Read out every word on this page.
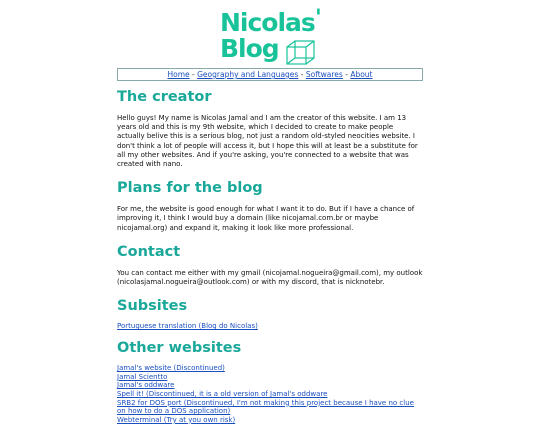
Nicolas '
Blog
Home - Geography and Languages - Softwares - About
The creator

Hello guys! My name is Nicolas Jamal and I am the creator of this website. I am 13 years old and this is my 9th website, which I decided to create to make people actually belive this is a serious blog, not just a random old-styled neocities website. I don't think a lot of people will access it, but I hope this will at least be a substitute for all my other websites. And if you're asking, you're connected to a website that was created with nano.

Plans for the blog

For me, the website is good enough for what I want it to do. But if I have a chance of improving it, I think I would buy a domain (like nicojamal.com.br or maybe nicojamal.org) and expand it, making it look like more professional.

Contact

You can contact me either with my gmail (nicojamal.nogueira@gmail.com), my outlook (nicolasjamal.nogueira@outlook.com) or with my discord, that is nicknotebr.

Subsites
Portuguese translation (Blog do Nicolas)
Other websites
Jamal's website (Discontinued)
Jamal Scientto
Jamal's oddware
Spell it! (Discontinued, it is a old version of Jamal's oddware
SRB2 for DOS port (Discontinued, I'm not making this project because I have no clue on how to do a DOS application)
Webterminal (Try at you own risk)
